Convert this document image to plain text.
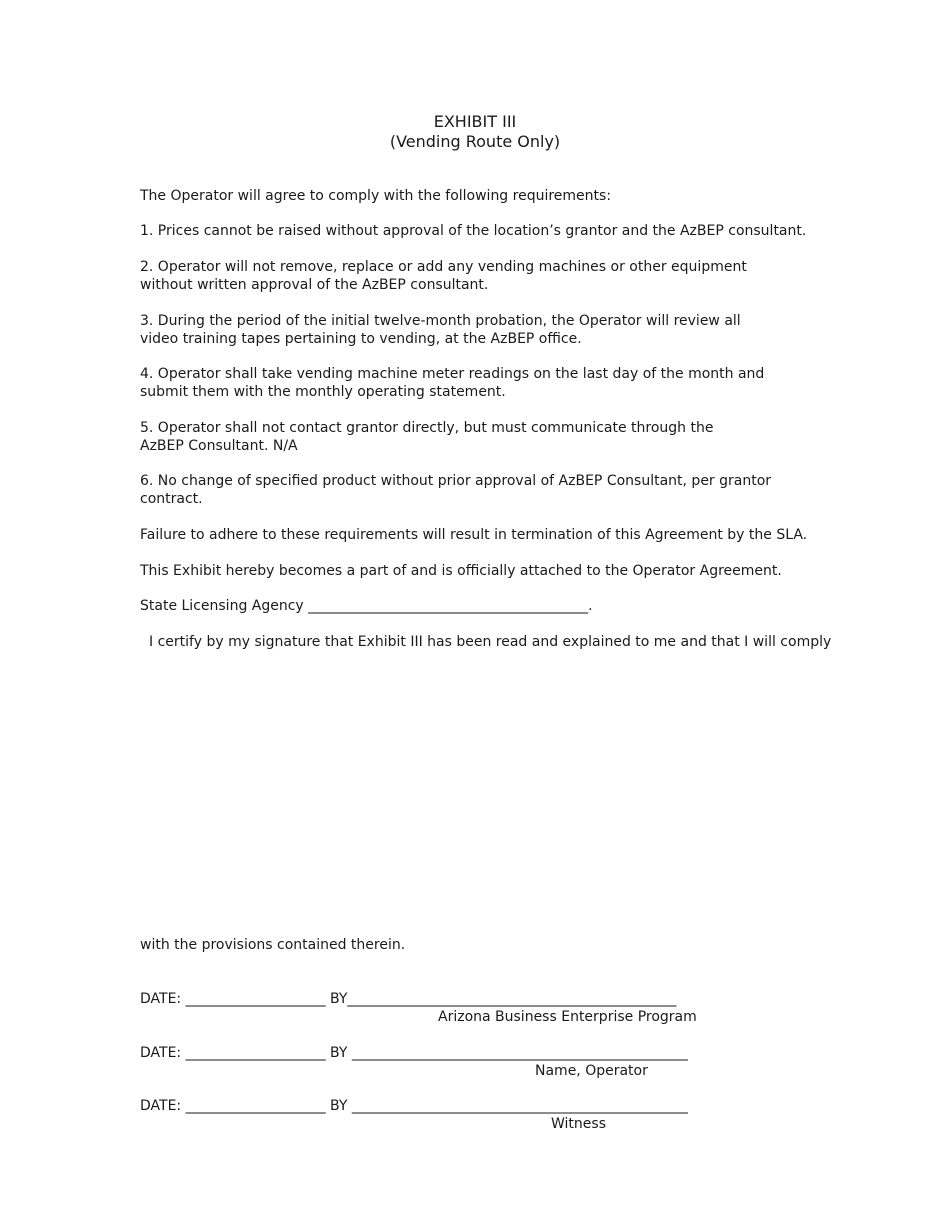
EXHIBIT III
(Vending Route Only)
The Operator will agree to comply with the following requirements:
1. Prices cannot be raised without approval of the location’s grantor and the AzBEP consultant.
2. Operator will not remove, replace or add any vending machines or other equipment without written approval of the AzBEP consultant.
3. During the period of the initial twelve-month probation, the Operator will review all video training tapes pertaining to vending, at the AzBEP office.
4. Operator shall take vending machine meter readings on the last day of the month and submit them with the monthly operating statement.
5. Operator shall not contact grantor directly, but must communicate through the AzBEP Consultant. N/A
6. No change of specified product without prior approval of AzBEP Consultant, per grantor contract.
Failure to adhere to these requirements will result in termination of this Agreement by the SLA.
This Exhibit hereby becomes a part of and is officially attached to the Operator Agreement.
State Licensing Agency ________________________________________.
I certify by my signature that Exhibit III has been read and explained to me and that I will comply
with the provisions contained therein.
DATE: ____________________ BY_______________________________________________
Arizona Business Enterprise Program
DATE: ____________________ BY ________________________________________________
Name, Operator
DATE: ____________________ BY ________________________________________________
Witness
